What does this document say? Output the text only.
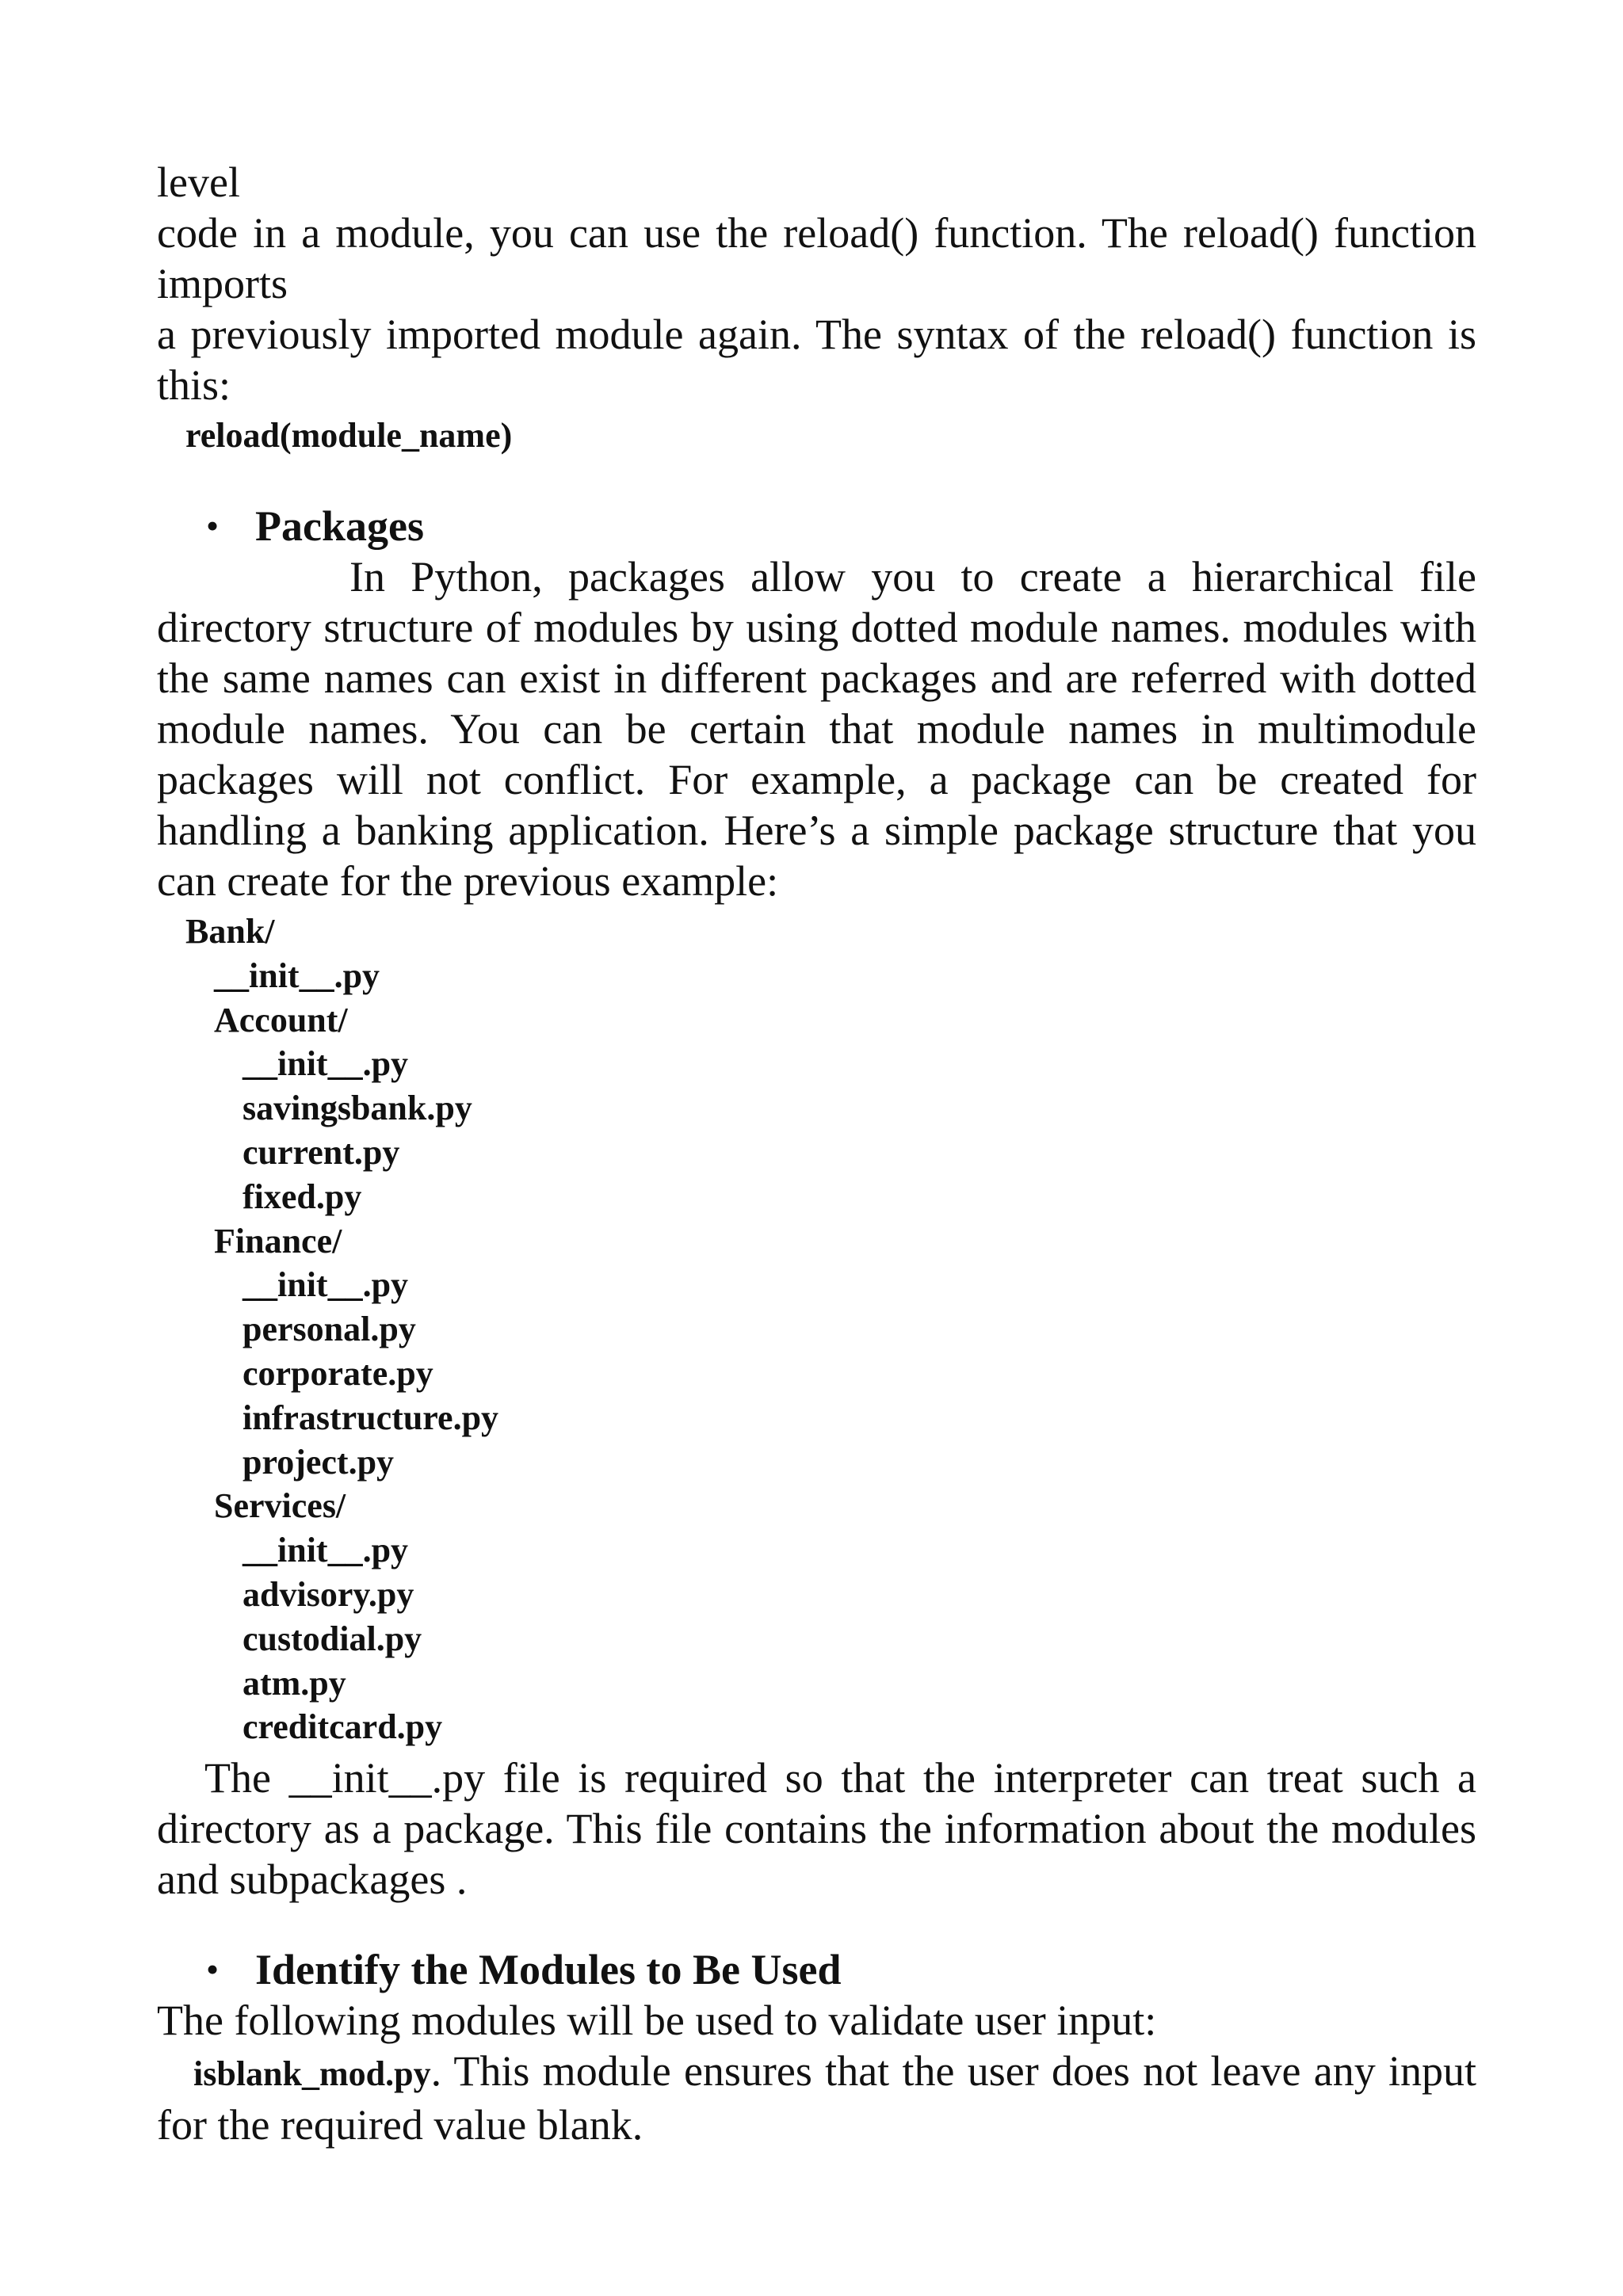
level

code in a module, you can use the reload() function. The reload() function

imports

a previously imported module again. The syntax of the reload() function is

this:

reload(module_name)

• Packages

In Python, packages allow you to create a hierarchical file directory structure of modules by using dotted module names. modules with the same names can exist in different packages and are referred with dotted module names. You can be certain that module names in multimodule packages will not conflict. For example, a package can be created for handling a banking application. Here’s a simple package structure that you can create for the previous example:

Bank/
__init__.py
Account/
__init__.py
savingsbank.py
current.py
fixed.py
Finance/
__init__.py
personal.py
corporate.py
infrastructure.py
project.py
Services/
__init__.py
advisory.py
custodial.py
atm.py
creditcard.py

The __init__.py file is required so that the interpreter can treat such a directory as a package. This file contains the information about the modules and subpackages .

• Identify the Modules to Be Used

The following modules will be used to validate user input:

isblank_mod.py. This module ensures that the user does not leave any input for the required value blank.
